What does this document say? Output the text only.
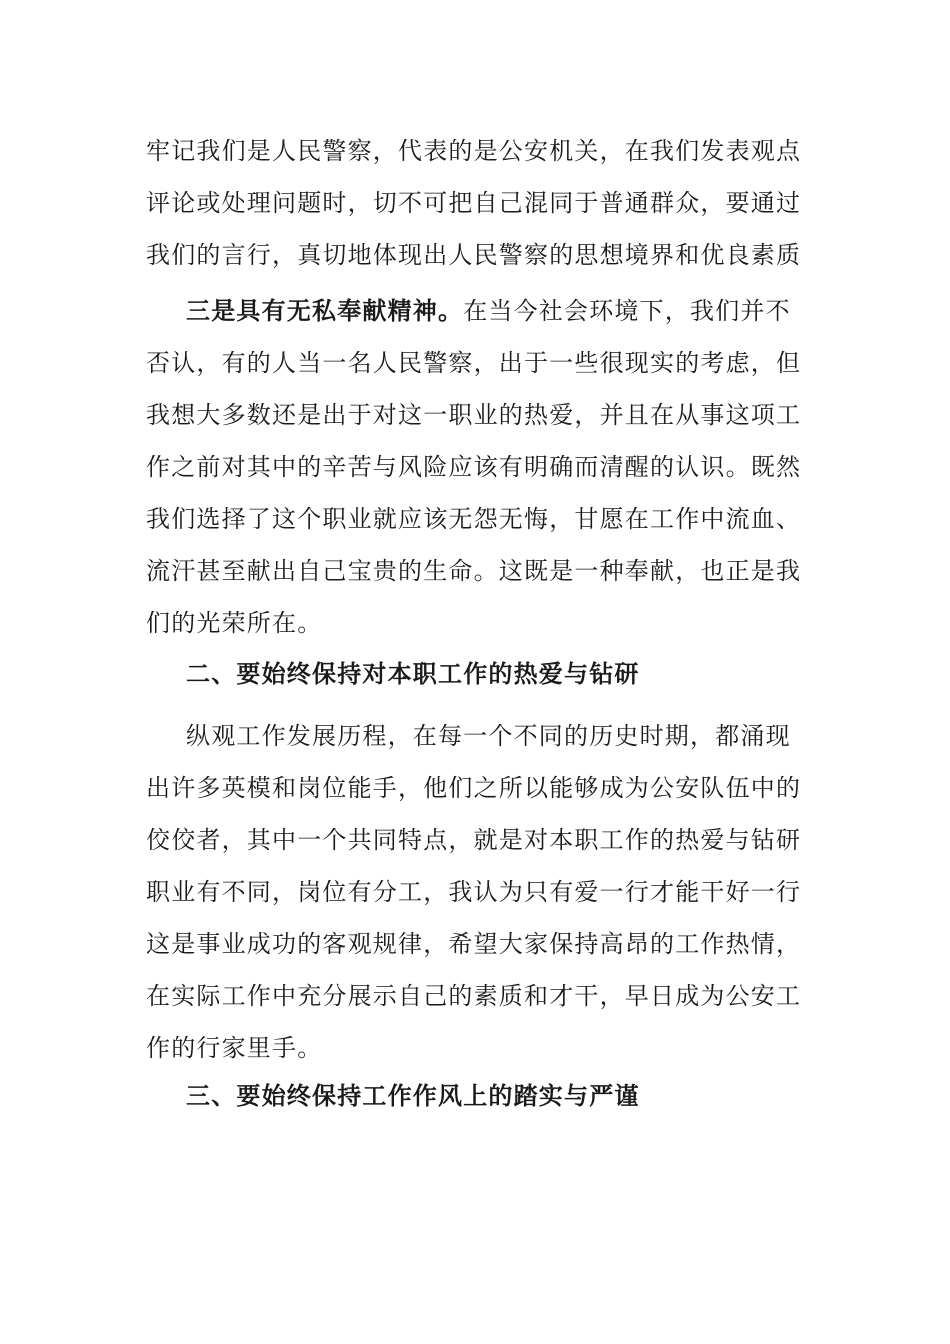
牢记我们是人民警察，代表的是公安机关，在我们发表观点
评论或处理问题时，切不可把自己混同于普通群众，要通过
我们的言行，真切地体现出人民警察的思想境界和优良素质
三是具有无私奉献精神。在当今社会环境下，我们并不
否认，有的人当一名人民警察，出于一些很现实的考虑，但
我想大多数还是出于对这一职业的热爱，并且在从事这项工
作之前对其中的辛苦与风险应该有明确而清醒的认识。既然
我们选择了这个职业就应该无怨无悔，甘愿在工作中流血、
流汗甚至献出自己宝贵的生命。这既是一种奉献，也正是我
们的光荣所在。
二、要始终保持对本职工作的热爱与钻研
纵观工作发展历程，在每一个不同的历史时期，都涌现
出许多英模和岗位能手，他们之所以能够成为公安队伍中的
佼佼者，其中一个共同特点，就是对本职工作的热爱与钻研
职业有不同，岗位有分工，我认为只有爱一行才能干好一行
这是事业成功的客观规律，希望大家保持高昂的工作热情，
在实际工作中充分展示自己的素质和才干，早日成为公安工
作的行家里手。
三、要始终保持工作作风上的踏实与严谨
